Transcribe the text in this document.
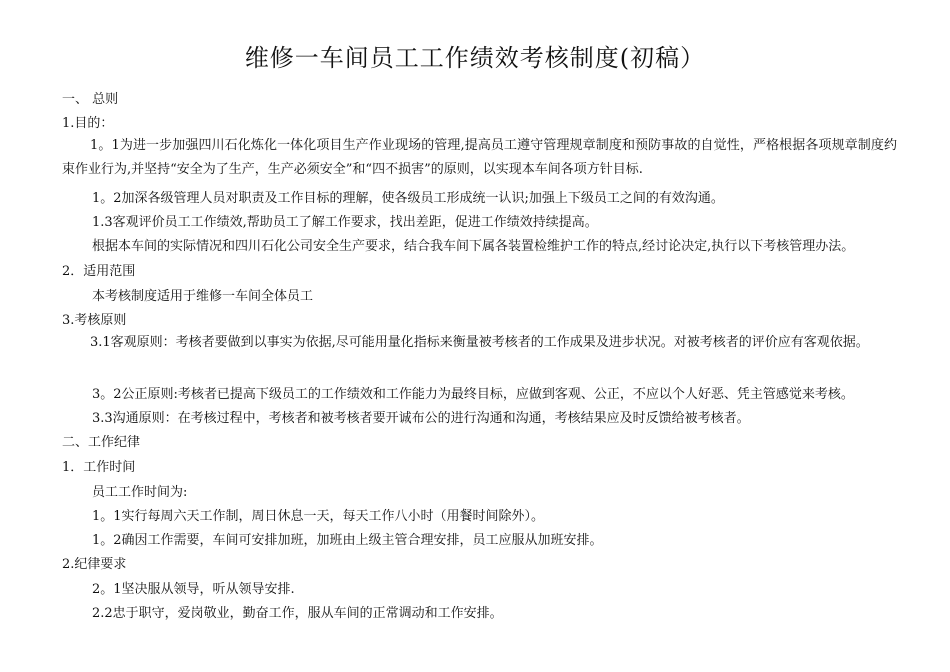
维修一车间员工工作绩效考核制度(初稿）
一、 总则
1.目的：
1。1为进一步加强四川石化炼化一体化项目生产作业现场的管理,提高员工遵守管理规章制度和预防事故的自觉性，严格根据各项规章制度约束作业行为,并坚持“安全为了生产，生产必须安全”和“四不损害”的原则，以实现本车间各项方针目标.
1。2加深各级管理人员对职责及工作目标的理解，使各级员工形成统一认识;加强上下级员工之间的有效沟通。
1.3客观评价员工工作绩效,帮助员工了解工作要求，找出差距，促进工作绩效持续提高。
根据本车间的实际情况和四川石化公司安全生产要求，结合我车间下属各装置检维护工作的特点,经讨论决定,执行以下考核管理办法。
2．适用范围
本考核制度适用于维修一车间全体员工
3.考核原则
3.1客观原则：考核者要做到以事实为依据,尽可能用量化指标来衡量被考核者的工作成果及进步状况。对被考核者的评价应有客观依据。
3。2公正原则:考核者已提高下级员工的工作绩效和工作能力为最终目标，应做到客观、公正，不应以个人好恶、凭主管感觉来考核。
3.3沟通原则：在考核过程中，考核者和被考核者要开诚布公的进行沟通和沟通，考核结果应及时反馈给被考核者。
二、工作纪律
1．工作时间
员工工作时间为:
1。1实行每周六天工作制，周日休息一天，每天工作八小时（用餐时间除外）。
1。2确因工作需要，车间可安排加班，加班由上级主管合理安排，员工应服从加班安排。
2.纪律要求
2。1坚决服从领导，听从领导安排.
2.2忠于职守，爱岗敬业，勤奋工作，服从车间的正常调动和工作安排。
